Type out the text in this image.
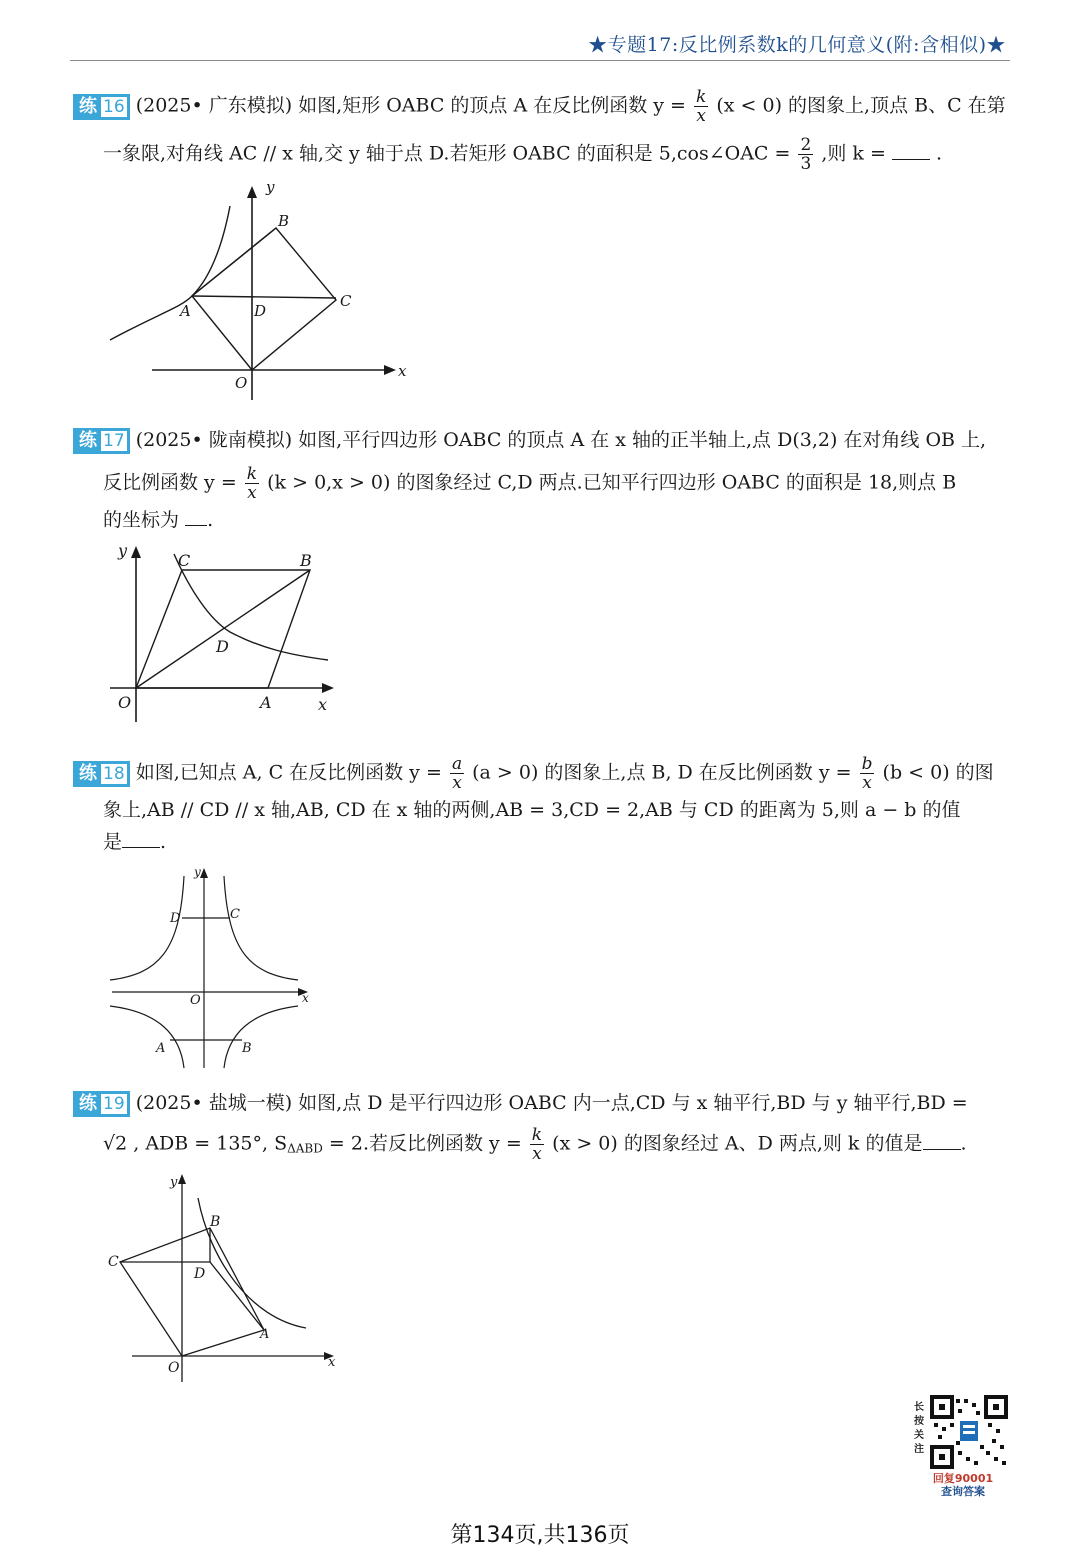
★专题17:反比例系数k的几何意义(附:含相似)★
练 16 (2025• 广东模拟) 如图,矩形 OABC 的顶点 A 在反比例函数 $y = \frac{k}{x} (x < 0)$ 的图象上,顶点 B、C 在第
一象限,对角线 AC // x 轴,交 y 轴于点 D.若矩形 OABC 的面积是 5,cos∠OAC = $\frac{2}{3}$ ,则 k =  .
y
x
A
B
C
D
O
练 17 (2025• 陇南模拟) 如图,平行四边形 OABC 的顶点 A 在 x 轴的正半轴上,点 D(3,2) 在对角线 OB 上,
反比例函数 $y = \frac{k}{x} (k > 0,x > 0)$ 的图象经过 C,D 两点.已知平行四边形 OABC 的面积是 18,则点 B
的坐标为 .
y
x
A
B
C
D
O
练 18 如图,已知点 A, C 在反比例函数 $y = \frac{a}{x} (a > 0)$ 的图象上,点 B, D 在反比例函数 $y = \frac{b}{x} (b < 0)$ 的图
象上,AB // CD // x 轴,AB, CD 在 x 轴的两侧,AB = 3,CD = 2,AB 与 CD 的距离为 5,则 a − b 的值
是 .
y
x
D	C
O
A	B
练 19 (2025• 盐城一模) 如图,点 D 是平行四边形 OABC 内一点,CD 与 x 轴平行,BD 与 y 轴平行,BD =
√2 , ADB = 135°, $S_{\Delta ABD} = 2$.若反比例函数 $y = \frac{k}{x} (x > 0)$ 的图象经过 A、D 两点,则 k 的值是 .
y
x
B
C
D
A
O
长按关注
回复90001
查询答案
第134页,共136页
